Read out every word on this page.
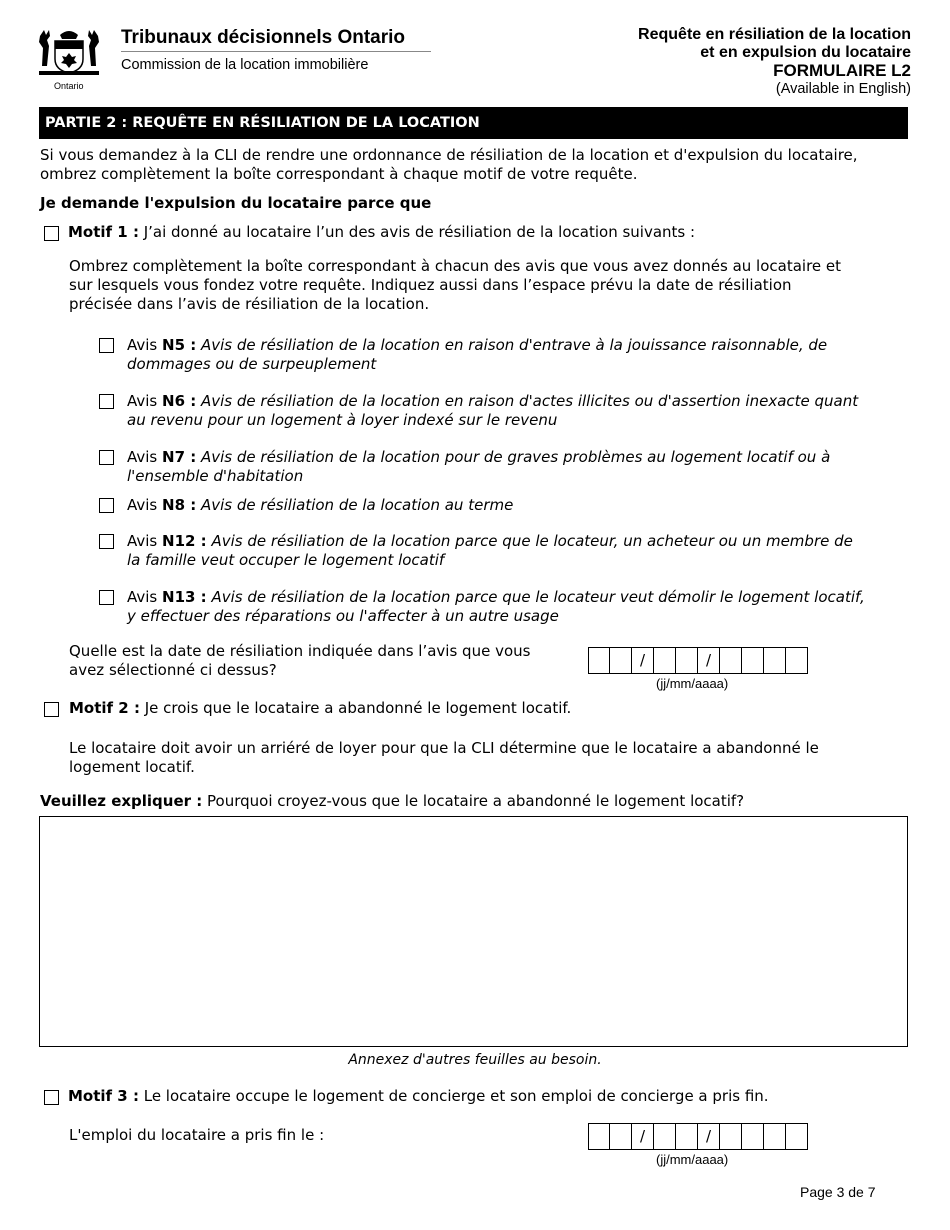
Ontario
Tribunaux décisionnels Ontario
Commission de la location immobilière
Requête en résiliation de la location
et en expulsion du locataire
FORMULAIRE L2
(Available in English)
PARTIE 2 : REQUÊTE EN RÉSILIATION DE LA LOCATION
Si vous demandez à la CLI de rendre une ordonnance de résiliation de la location et d'expulsion du locataire,
ombrez complètement la boîte correspondant à chaque motif de votre requête.
Je demande l'expulsion du locataire parce que
Motif 1 : J’ai donné au locataire l’un des avis de résiliation de la location suivants :
Ombrez complètement la boîte correspondant à chacun des avis que vous avez donnés au locataire et
sur lesquels vous fondez votre requête. Indiquez aussi dans l’espace prévu la date de résiliation
précisée dans l’avis de résiliation de la location.
Avis N5 : Avis de résiliation de la location en raison d'entrave à la jouissance raisonnable, de
dommages ou de surpeuplement
Avis N6 : Avis de résiliation de la location en raison d'actes illicites ou d'assertion inexacte quant
au revenu pour un logement à loyer indexé sur le revenu
Avis N7 : Avis de résiliation de la location pour de graves problèmes au logement locatif ou à
l'ensemble d'habitation
Avis N8 : Avis de résiliation de la location au terme
Avis N12 : Avis de résiliation de la location parce que le locateur, un acheteur ou un membre de
la famille veut occuper le logement locatif
Avis N13 : Avis de résiliation de la location parce que le locateur veut démolir le logement locatif,
y effectuer des réparations ou l'affecter à un autre usage
Quelle est la date de résiliation indiquée dans l’avis que vous
avez sélectionné ci dessus?
/	/
(jj/mm/aaaa)
Motif 2 : Je crois que le locataire a abandonné le logement locatif.
Le locataire doit avoir un arriéré de loyer pour que la CLI détermine que le locataire a abandonné le
logement locatif.
Veuillez expliquer : Pourquoi croyez-vous que le locataire a abandonné le logement locatif?
Annexez d'autres feuilles au besoin.
Motif 3 : Le locataire occupe le logement de concierge et son emploi de concierge a pris fin.
L'emploi du locataire a pris fin le :	/	/
(jj/mm/aaaa)
Page 3 de 7
